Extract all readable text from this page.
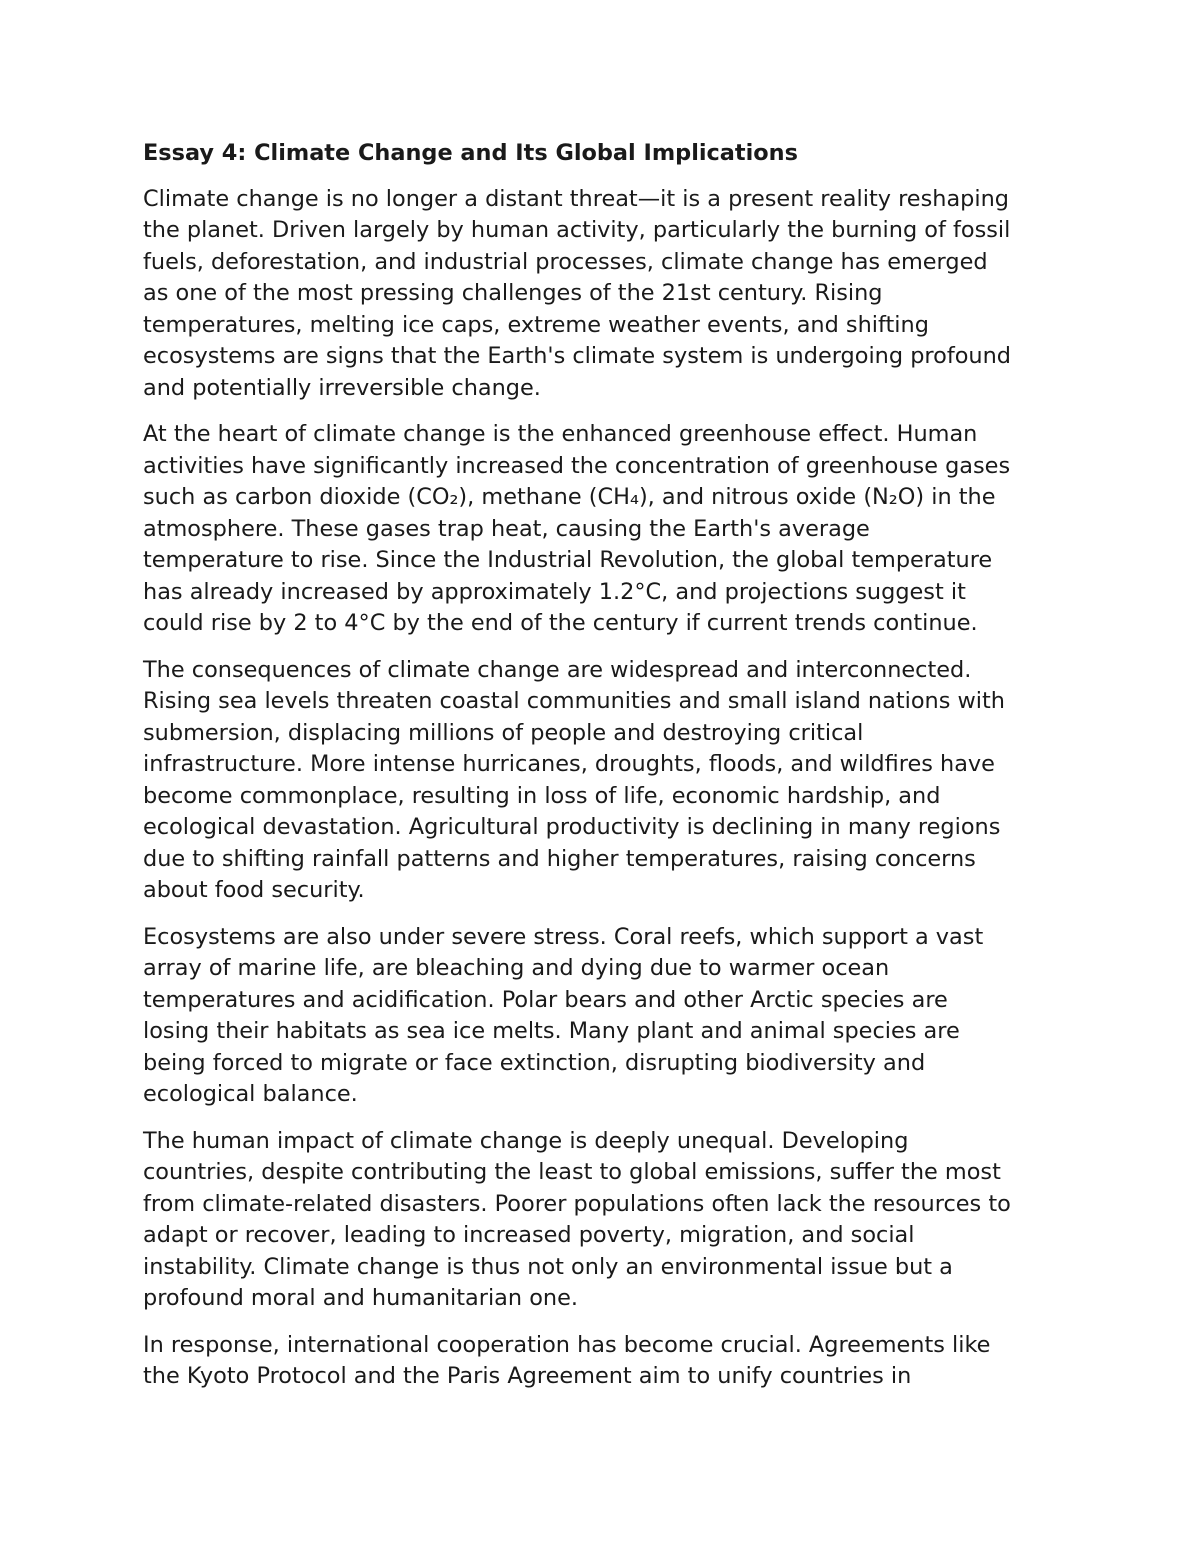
Essay 4: Climate Change and Its Global Implications
Climate change is no longer a distant threat—it is a present reality reshaping
the planet. Driven largely by human activity, particularly the burning of fossil
fuels, deforestation, and industrial processes, climate change has emerged
as one of the most pressing challenges of the 21st century. Rising
temperatures, melting ice caps, extreme weather events, and shifting
ecosystems are signs that the Earth's climate system is undergoing profound
and potentially irreversible change.
At the heart of climate change is the enhanced greenhouse effect. Human
activities have significantly increased the concentration of greenhouse gases
such as carbon dioxide (CO₂), methane (CH₄), and nitrous oxide (N₂O) in the
atmosphere. These gases trap heat, causing the Earth's average
temperature to rise. Since the Industrial Revolution, the global temperature
has already increased by approximately 1.2°C, and projections suggest it
could rise by 2 to 4°C by the end of the century if current trends continue.
The consequences of climate change are widespread and interconnected.
Rising sea levels threaten coastal communities and small island nations with
submersion, displacing millions of people and destroying critical
infrastructure. More intense hurricanes, droughts, floods, and wildfires have
become commonplace, resulting in loss of life, economic hardship, and
ecological devastation. Agricultural productivity is declining in many regions
due to shifting rainfall patterns and higher temperatures, raising concerns
about food security.
Ecosystems are also under severe stress. Coral reefs, which support a vast
array of marine life, are bleaching and dying due to warmer ocean
temperatures and acidification. Polar bears and other Arctic species are
losing their habitats as sea ice melts. Many plant and animal species are
being forced to migrate or face extinction, disrupting biodiversity and
ecological balance.
The human impact of climate change is deeply unequal. Developing
countries, despite contributing the least to global emissions, suffer the most
from climate-related disasters. Poorer populations often lack the resources to
adapt or recover, leading to increased poverty, migration, and social
instability. Climate change is thus not only an environmental issue but a
profound moral and humanitarian one.
In response, international cooperation has become crucial. Agreements like
the Kyoto Protocol and the Paris Agreement aim to unify countries in
